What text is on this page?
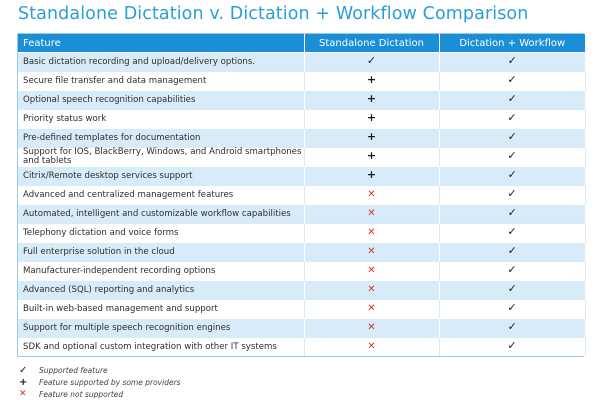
Standalone Dictation v. Dictation + Workflow Comparison
Feature	Standalone Dictation	Dictation + Workflow
Basic dictation recording and upload/delivery options.	✓	✓
Secure file transfer and data management	+	✓
Optional speech recognition capabilities	+	✓
Priority status work	+	✓
Pre-defined templates for documentation	+	✓
Support for IOS, BlackBerry, Windows, and Android smartphones and tablets	+	✓
Citrix/Remote desktop services support	+	✓
Advanced and centralized management features	✕	✓
Automated, intelligent and customizable workflow capabilities	✕	✓
Telephony dictation and voice forms	✕	✓
Full enterprise solution in the cloud	✕	✓
Manufacturer-independent recording options	✕	✓
Advanced (SQL) reporting and analytics	✕	✓
Built-in web-based management and support	✕	✓
Support for multiple speech recognition engines	✕	✓
SDK and optional custom integration with other IT systems	✕	✓
✓	Supported feature
+	Feature supported by some providers
✕	Feature not supported
